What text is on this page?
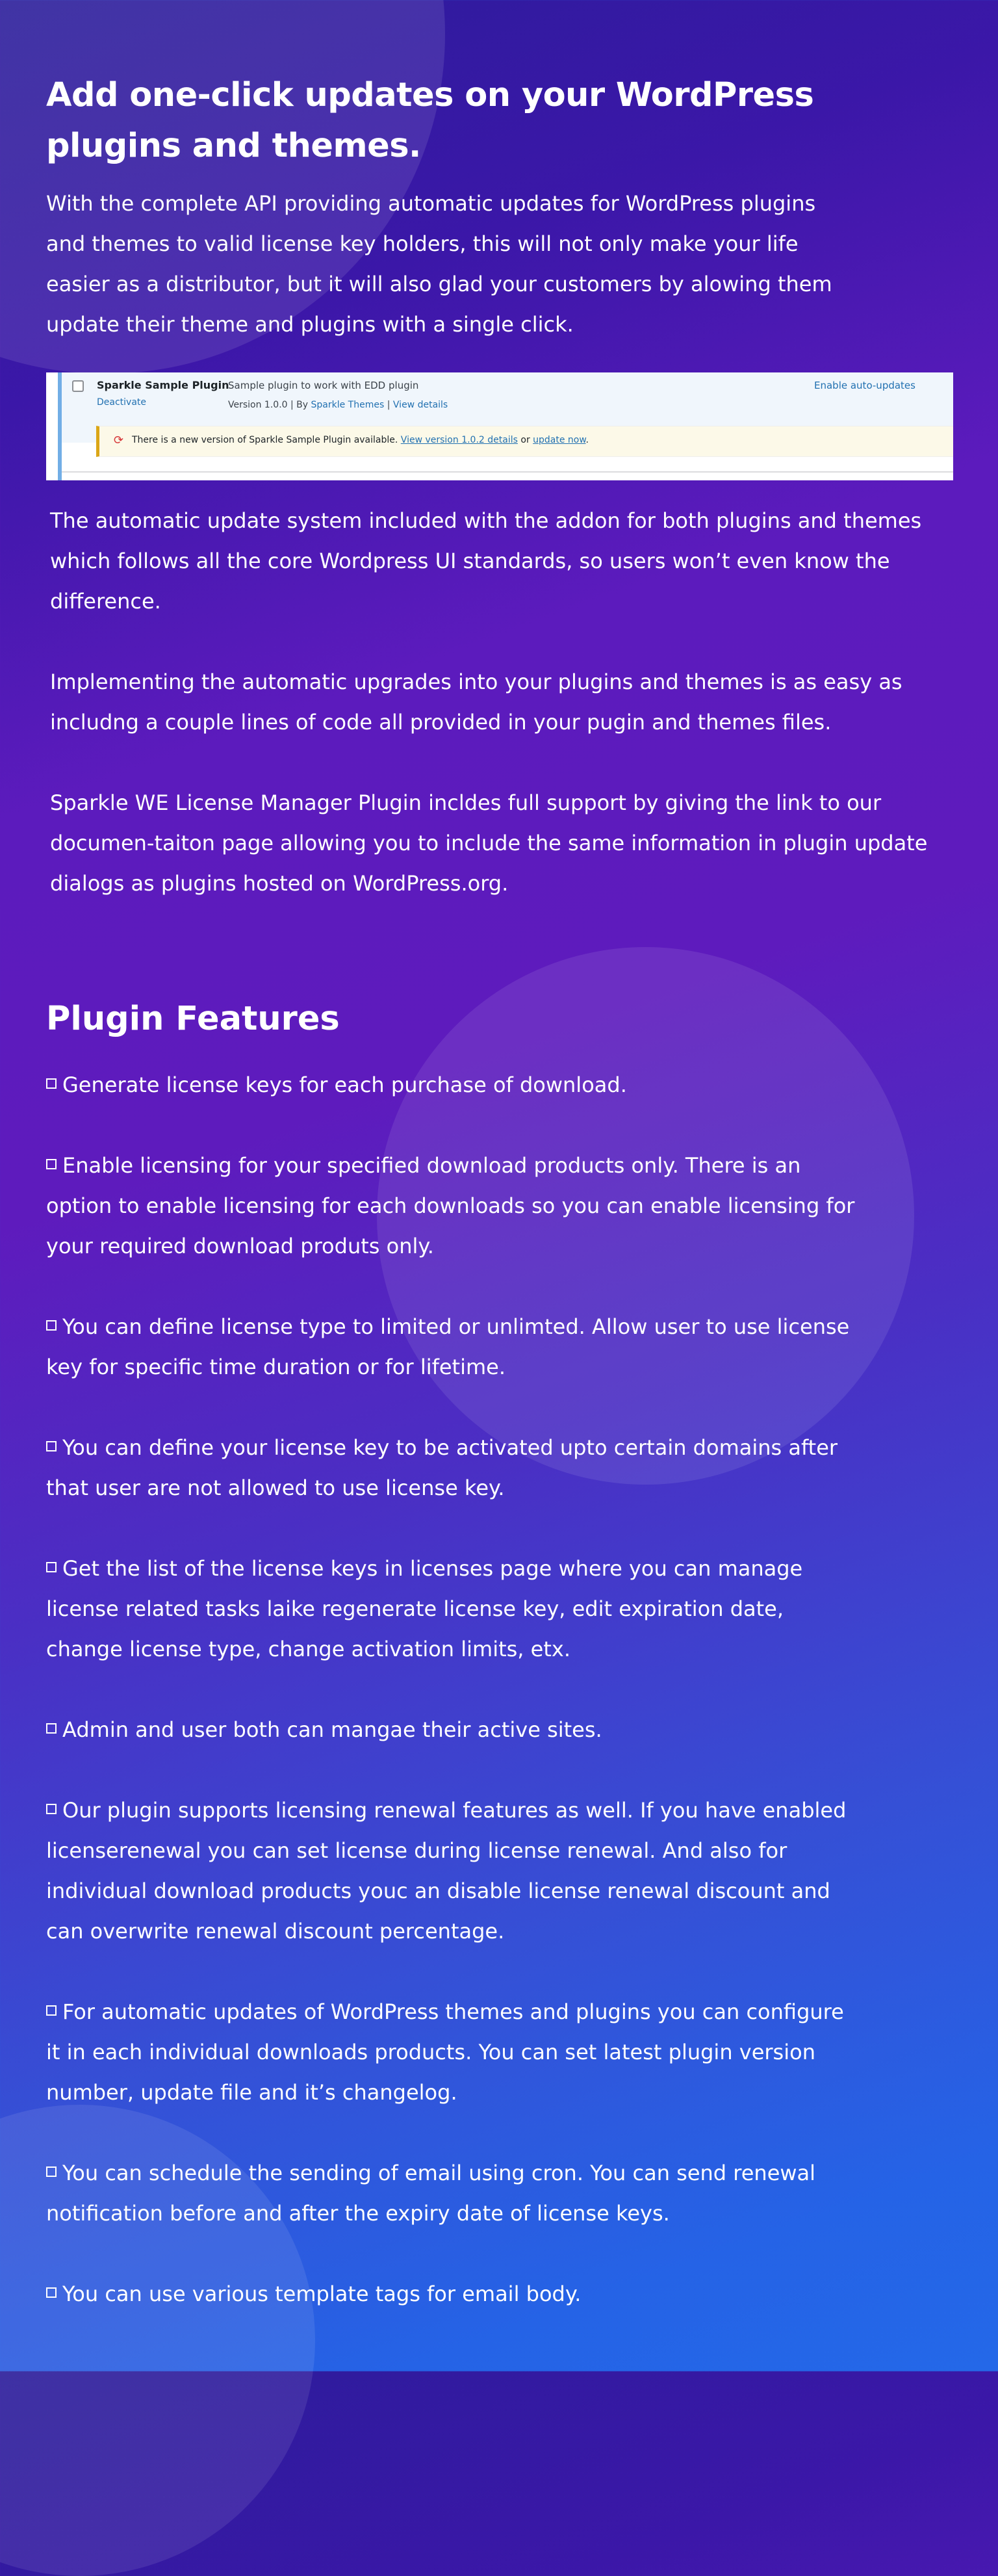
Add one-click updates on your WordPress plugins and themes.

With the complete API providing automatic updates for WordPress plugins and themes to valid license key holders, this will not only make your life easier as a distributor, but it will also glad your customers by alowing them update their theme and plugins with a single click.

Sparkle Sample Plugin
Deactivate
Sample plugin to work with EDD plugin
Version 1.0.0 | By Sparkle Themes | View details
Enable auto-updates
⟳ There is a new version of Sparkle Sample Plugin available. View version 1.0.2 details or update now.

The automatic update system included with the addon for both plugins and themes which follows all the core Wordpress UI standards, so users won’t even know the difference.

Implementing the automatic upgrades into your plugins and themes is as easy as includng a couple lines of code all provided in your pugin and themes files.

Sparkle WE License Manager Plugin incldes full support by giving the link to our documen-taiton page allowing you to include the same information in plugin update dialogs as plugins hosted on WordPress.org.

Plugin Features
Generate license keys for each purchase of download.
Enable licensing for your specified download products only. There is an option to enable licensing for each downloads so you can enable licensing for your required download produts only.
You can define license type to limited or unlimted. Allow user to use license key for specific time duration or for lifetime.
You can define your license key to be activated upto certain domains after that user are not allowed to use license key.
Get the list of the license keys in licenses page where you can manage license related tasks laike regenerate license key, edit expiration date, change license type, change activation limits, etx.
Admin and user both can mangae their active sites.
Our plugin supports licensing renewal features as well. If you have enabled licenserenewal you can set license during license renewal. And also for individual download products youc an disable license renewal discount and can overwrite renewal discount percentage.
For automatic updates of WordPress themes and plugins you can configure it in each individual downloads products. You can set latest plugin version number, update file and it’s changelog.
You can schedule the sending of email using cron. You can send renewal notification before and after the expiry date of license keys.
You can use various template tags for email body.
